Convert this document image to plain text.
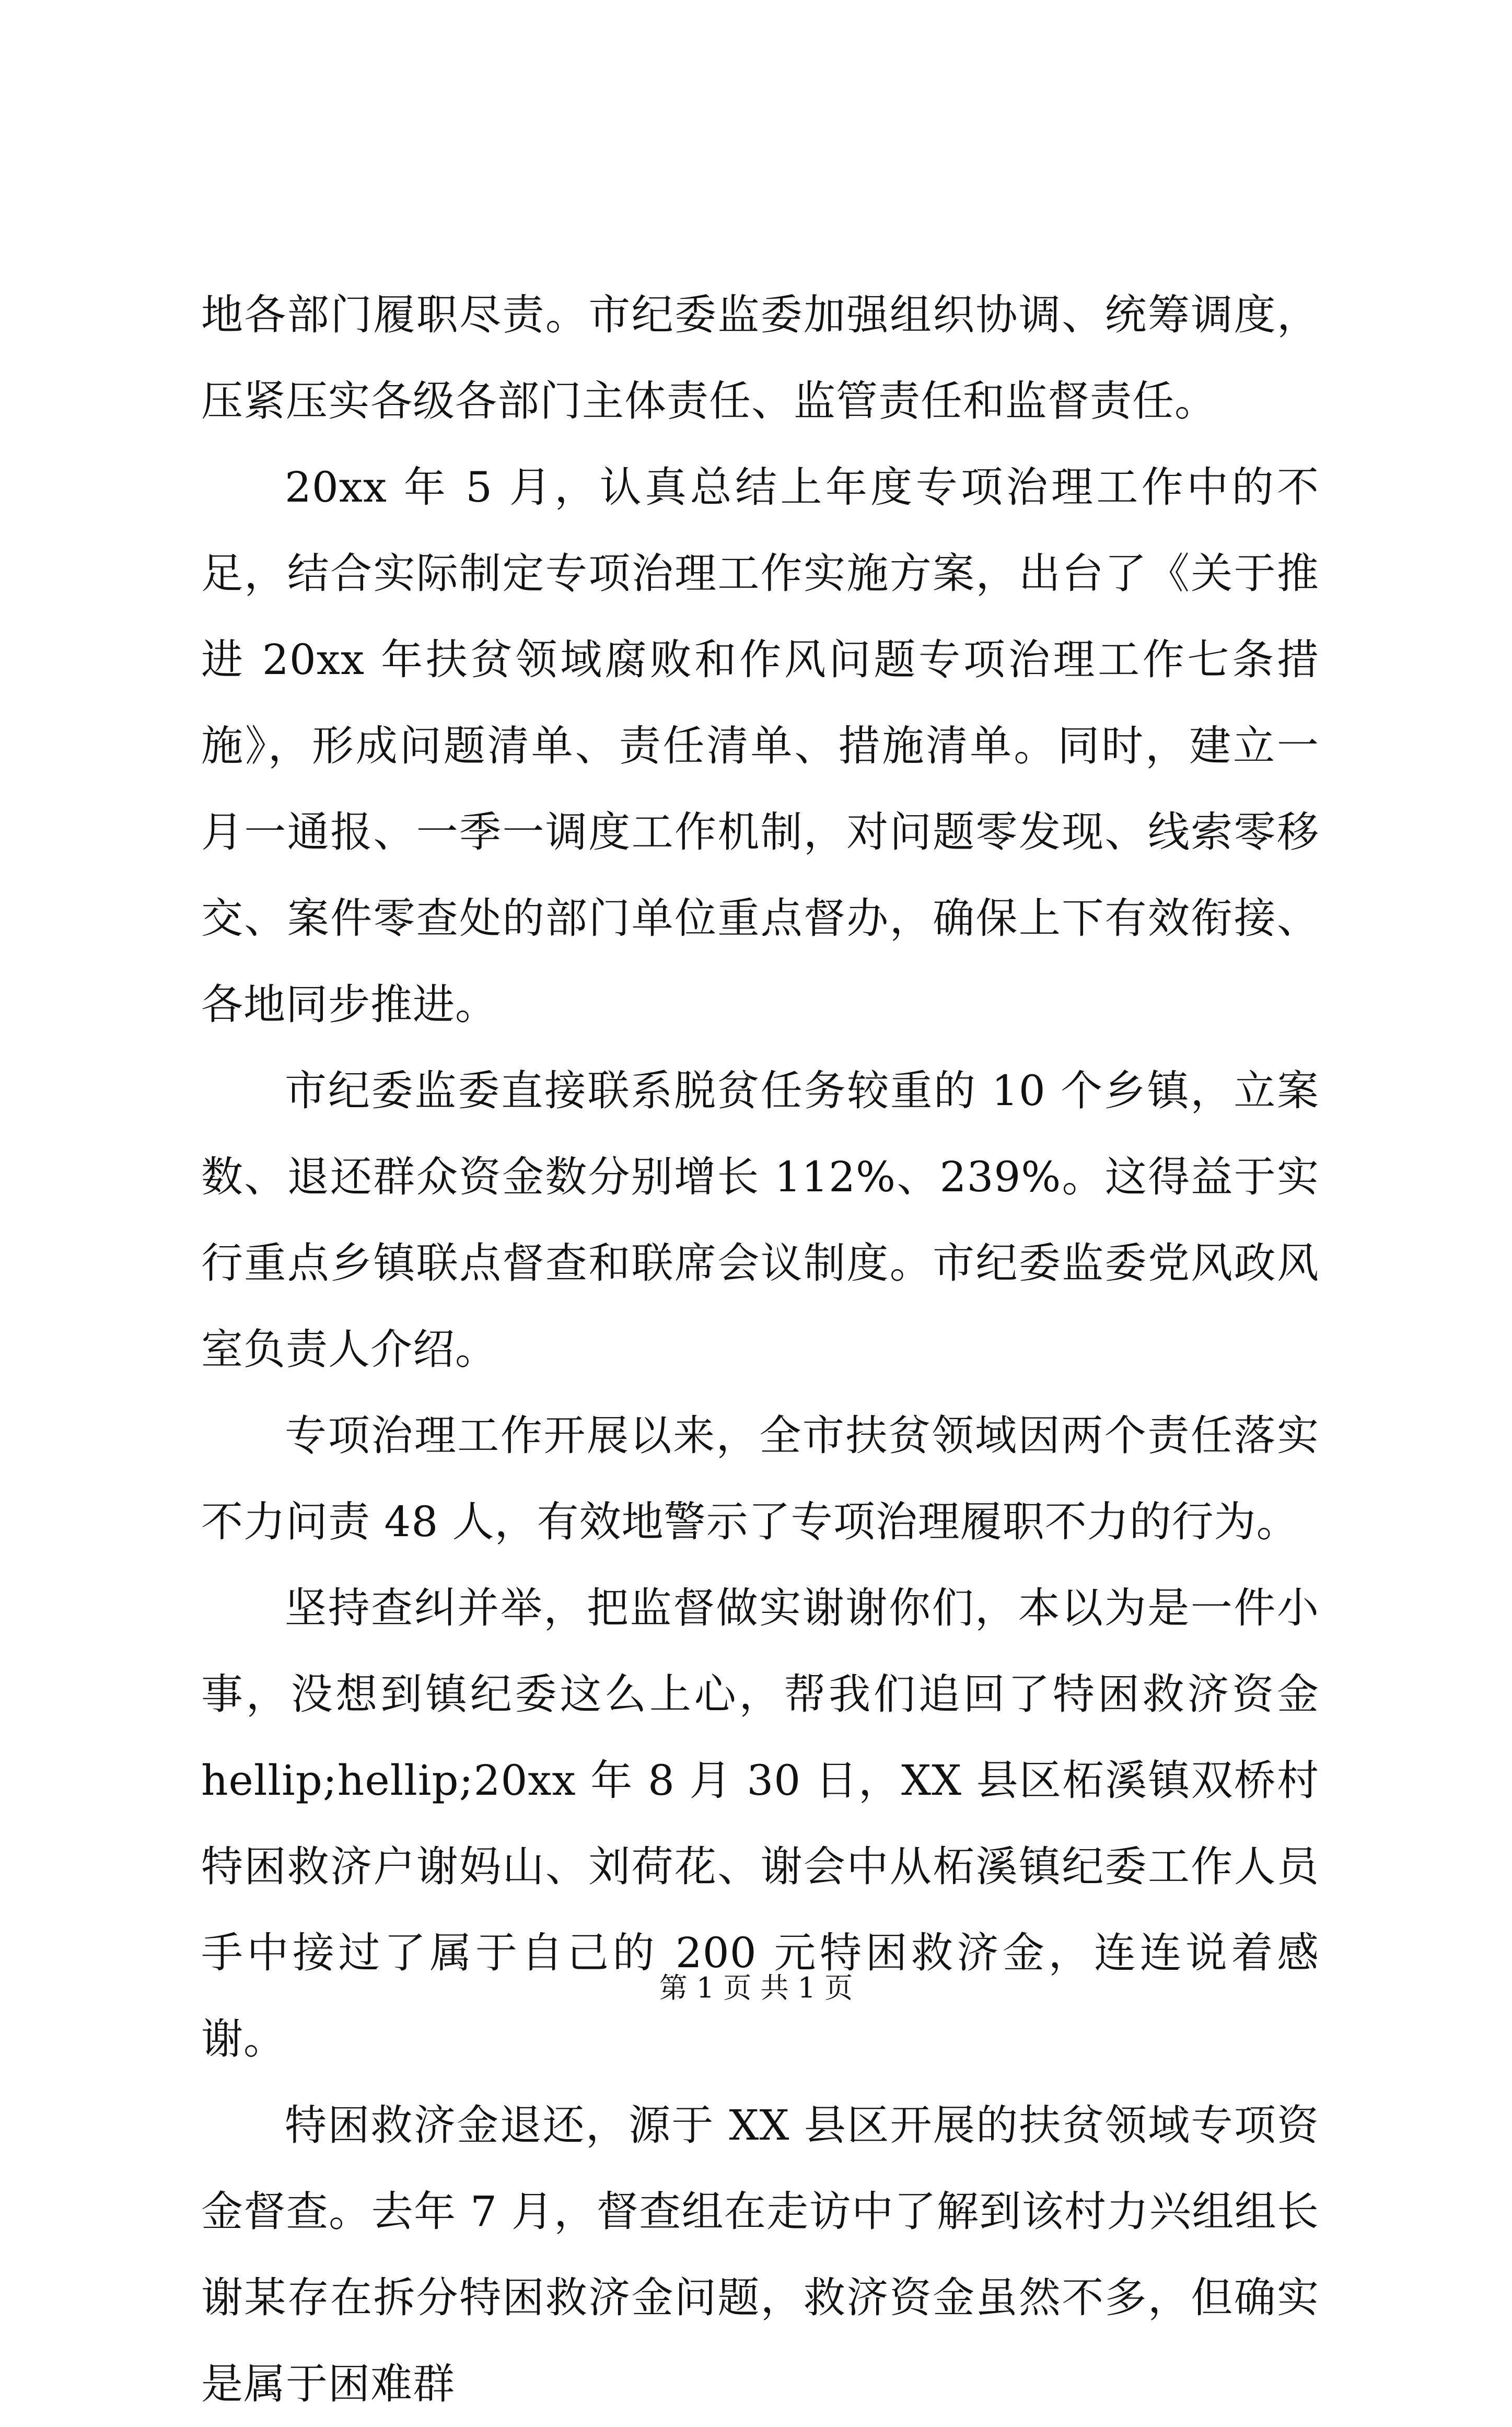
地各部门履职尽责。市纪委监委加强组织协调、统筹调度，压紧压实各级各部门主体责任、监管责任和监督责任。

20xx 年 5 月，认真总结上年度专项治理工作中的不足，结合实际制定专项治理工作实施方案，出台了《关于推进 20xx 年扶贫领域腐败和作风问题专项治理工作七条措施》，形成问题清单、责任清单、措施清单。同时，建立一月一通报、一季一调度工作机制，对问题零发现、线索零移交、案件零查处的部门单位重点督办，确保上下有效衔接、各地同步推进。

市纪委监委直接联系脱贫任务较重的 10 个乡镇，立案数、退还群众资金数分别增长 112%、239%。这得益于实行重点乡镇联点督查和联席会议制度。市纪委监委党风政风室负责人介绍。

专项治理工作开展以来，全市扶贫领域因两个责任落实不力问责 48 人，有效地警示了专项治理履职不力的行为。

坚持查纠并举，把监督做实谢谢你们，本以为是一件小事，没想到镇纪委这么上心，帮我们追回了特困救济资金 hellip;hellip;20xx 年 8 月 30 日，XX 县区柘溪镇双桥村特困救济户谢妈山、刘荷花、谢会中从柘溪镇纪委工作人员手中接过了属于自己的 200 元特困救济金，连连说着感谢。

特困救济金退还，源于 XX 县区开展的扶贫领域专项资金督查。去年 7 月，督查组在走访中了解到该村力兴组组长谢某存在拆分特困救济金问题，救济资金虽然不多，但确实是属于困难群

第 1 页 共 1 页
